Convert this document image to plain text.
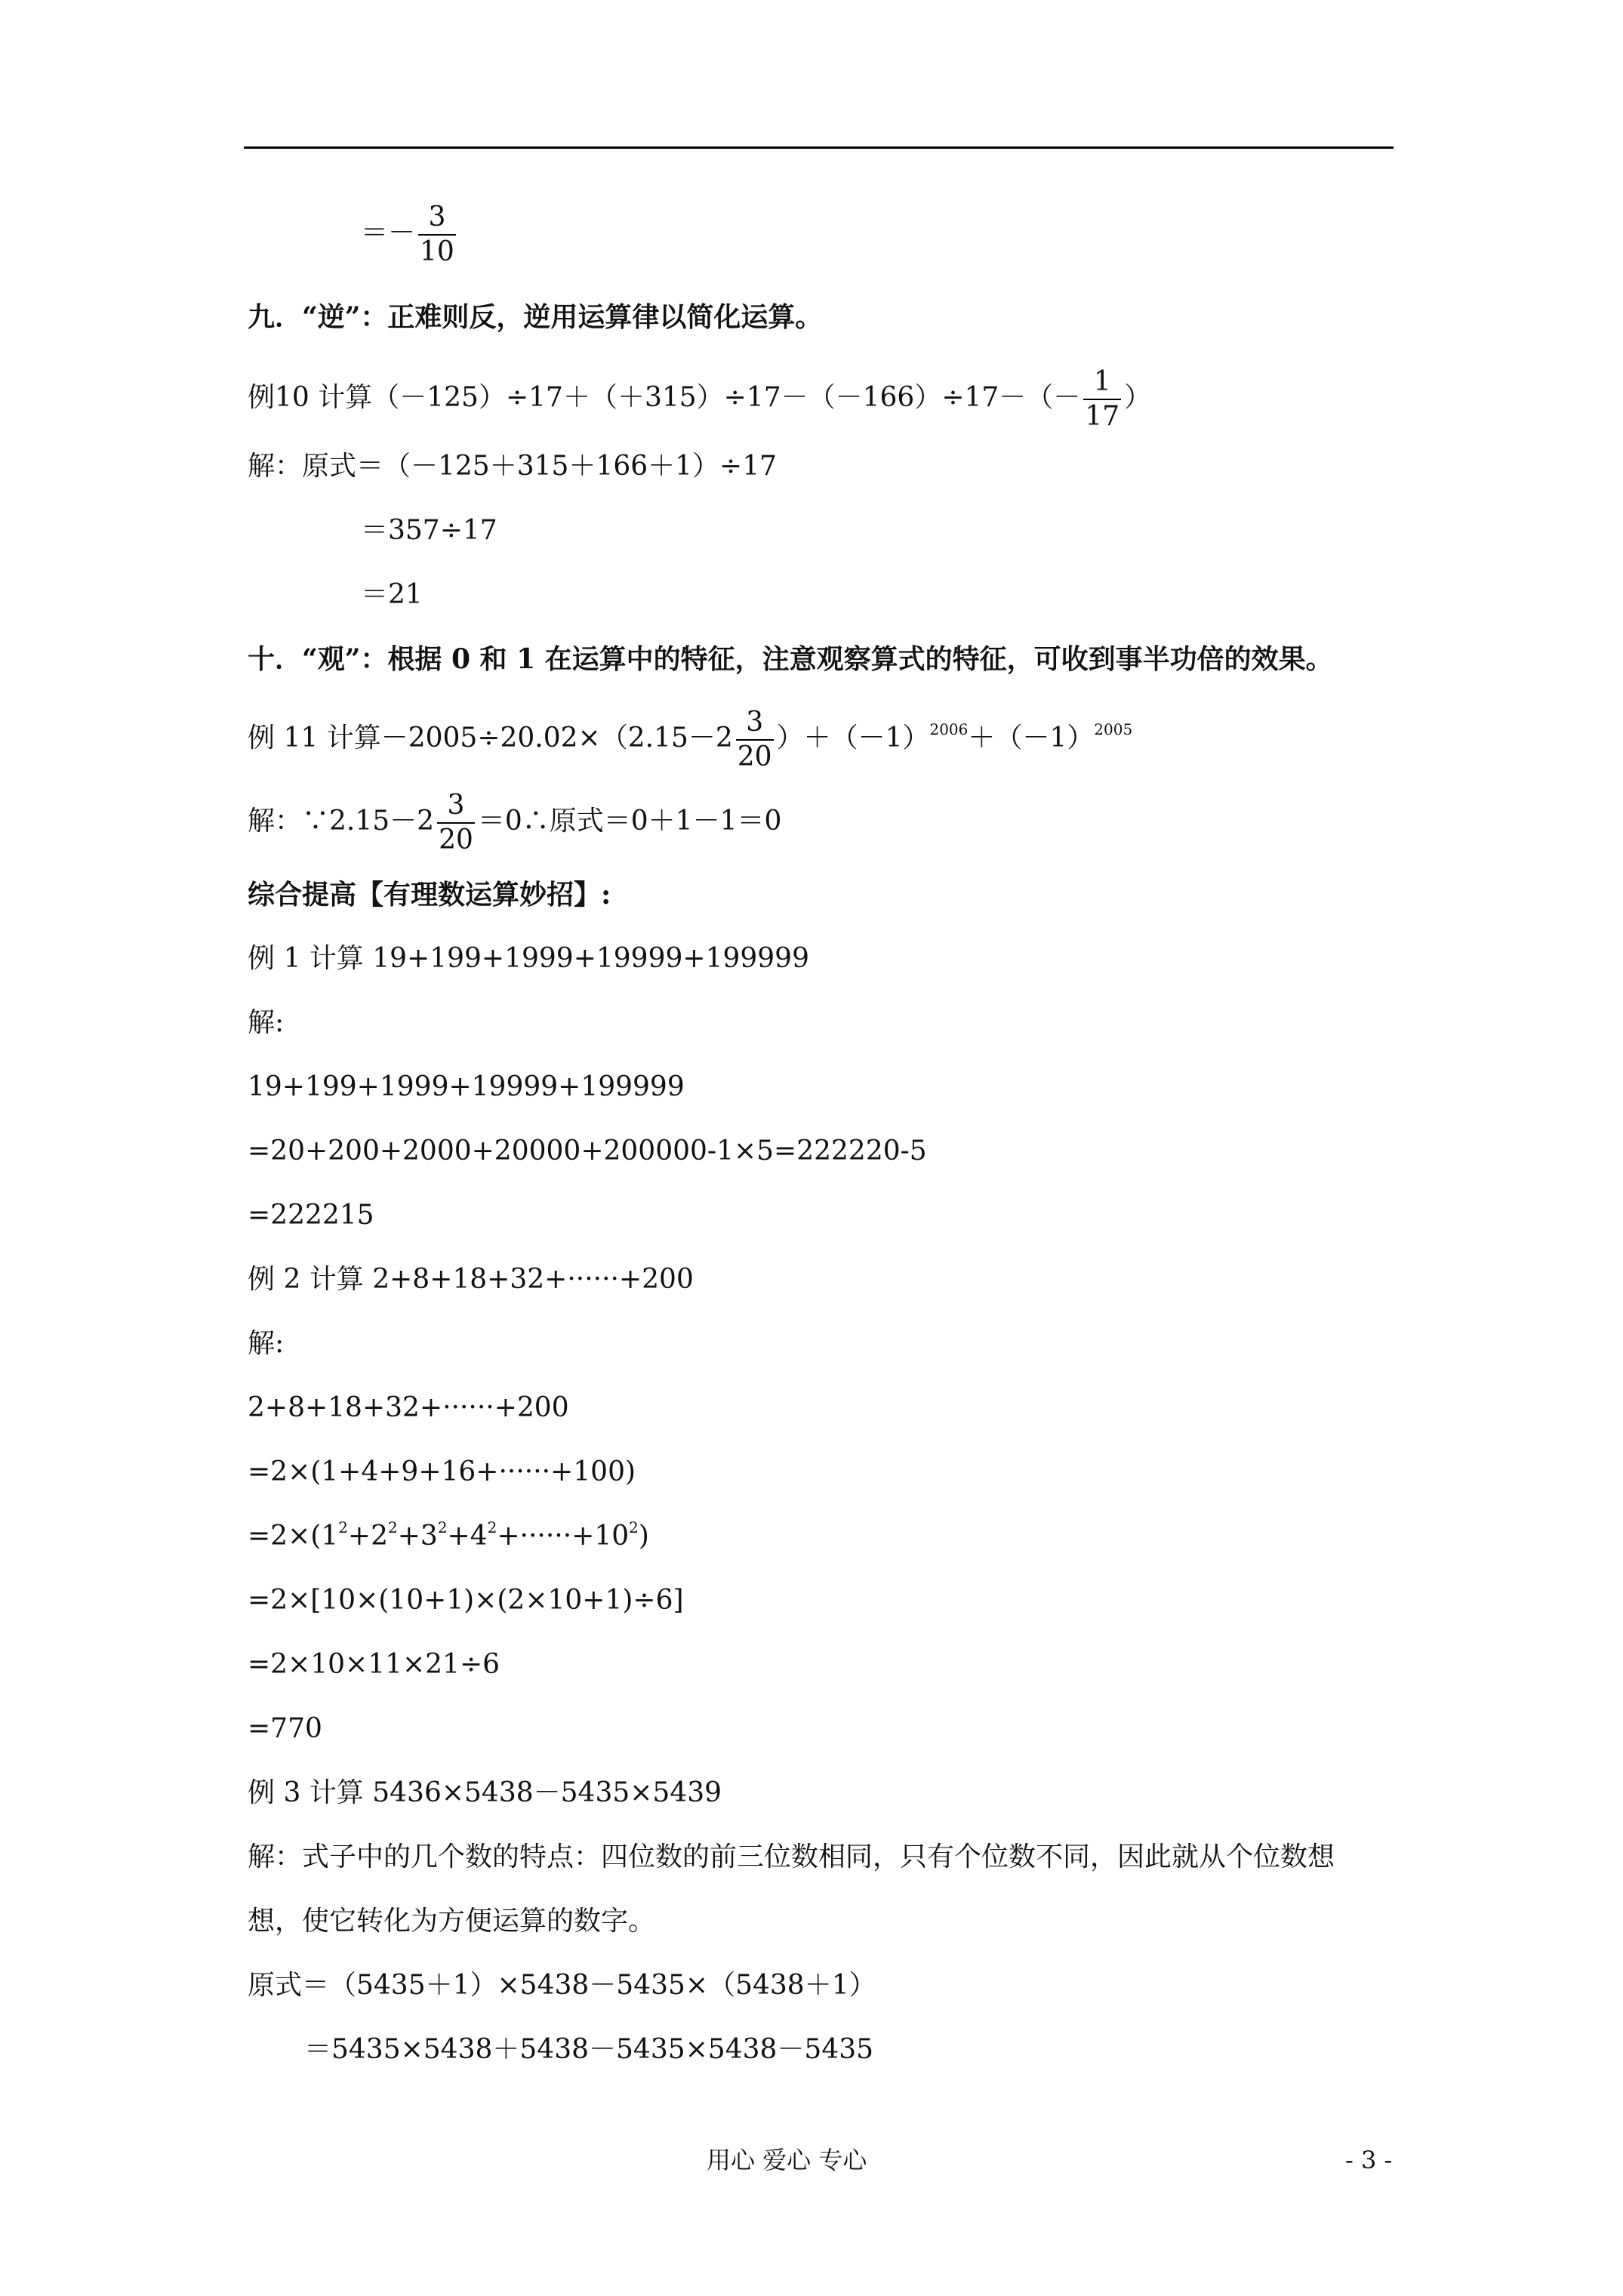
＝－ $\frac{3}{10}$
九．“逆”：正难则反，逆用运算律以简化运算。
例10 计算$(-125)\div 17+(+315)\div 17-(-166)\div 17-(- \frac{1}{17}$ ）
解：原式＝（－125＋315＋166＋1）÷17
＝357÷17
＝21
十．“观”：根据 0 和 1 在运算中的特征，注意观察算式的特征，可收到事半功倍的效果。
例 11 计算$-2005\div 20.02\times(2.15-2 \frac{3}{20} )+(-1)^{2006}+(-1)^{2005}$
解：∵2.15－2 $\frac{3}{20}$ ＝0∴原式＝0＋1－1＝0
综合提高【有理数运算妙招】:
例 1 计算 19+199+1999+19999+199999
解:
19+199+1999+19999+199999
=20+200+2000+20000+200000-1×5=222220-5
=222215
例 2 计算 2+8+18+32+······+200
解:
2+8+18+32+······+200
=2×(1+4+9+16+······+100)
$=2\times(1^2+2^2+3^2+4^2+\cdot\cdot\cdot\cdot\cdot\cdot+10^2)$
=2×[10×(10+1)×(2×10+1)÷6]
=2×10×11×21÷6
=770
例 3 计算 5436×5438－5435×5439
解：式子中的几个数的特点：四位数的前三位数相同，只有个位数不同，因此就从个位数想
想，使它转化为方便运算的数字。
原式＝（5435＋1）×5438－5435×（5438＋1）
＝5435×5438＋5438－5435×5438－5435
用心 爱心 专心	- 3 -
